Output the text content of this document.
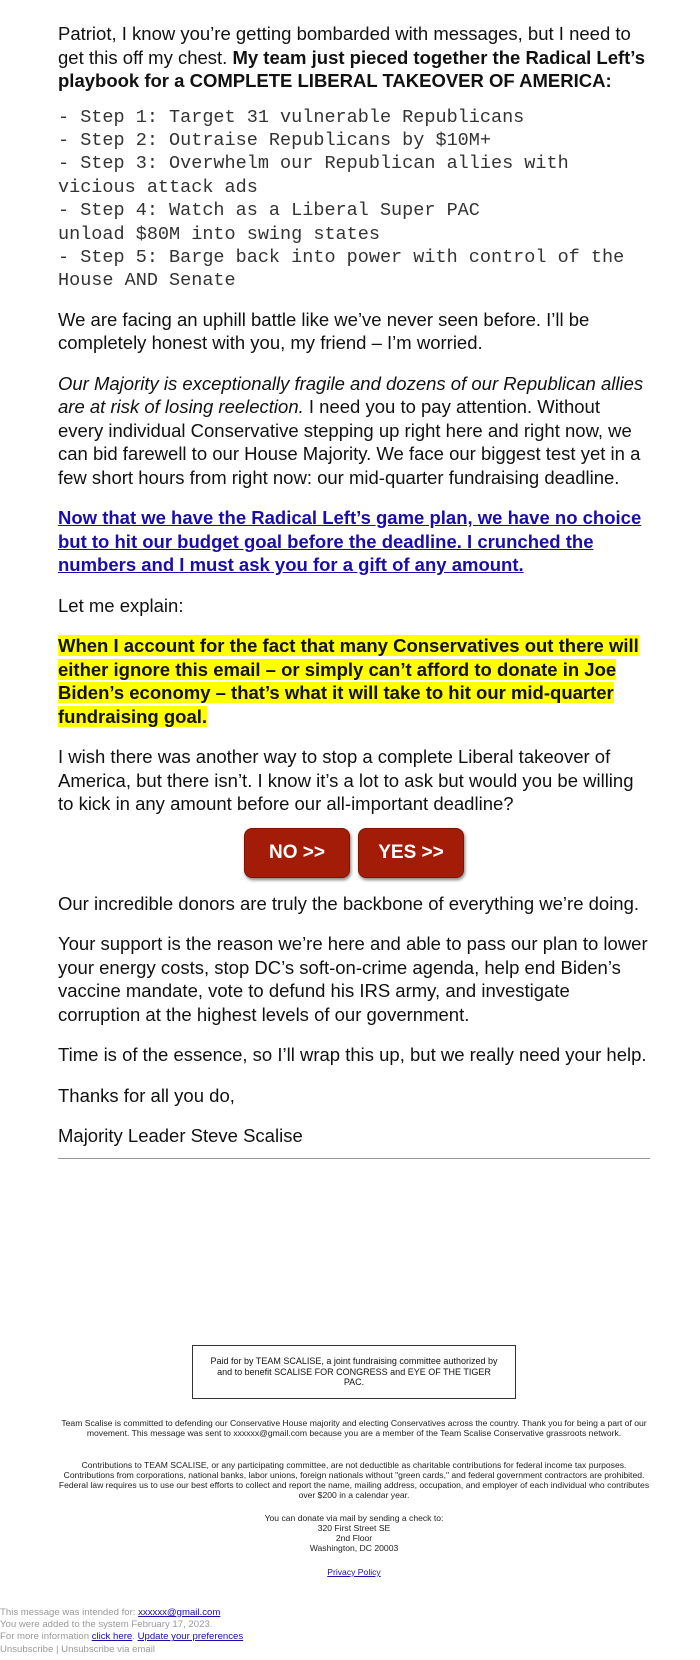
Patriot, I know you’re getting bombarded with messages, but I need to get this off my chest. My team just pieced together the Radical Left’s playbook for a COMPLETE LIBERAL TAKEOVER OF AMERICA:

- Step 1: Target 31 vulnerable Republicans
- Step 2: Outraise Republicans by $10M+
- Step 3: Overwhelm our Republican allies with vicious attack ads
- Step 4: Watch as a Liberal Super PAC
unload $80M into swing states
- Step 5: Barge back into power with control of the House AND Senate

We are facing an uphill battle like we’ve never seen before. I’ll be completely honest with you, my friend – I’m worried.

Our Majority is exceptionally fragile and dozens of our Republican allies are at risk of losing reelection. I need you to pay attention. Without every individual Conservative stepping up right here and right now, we can bid farewell to our House Majority. We face our biggest test yet in a few short hours from right now: our mid-quarter fundraising deadline.

Now that we have the Radical Left’s game plan, we have no choice but to hit our budget goal before the deadline. I crunched the numbers and I must ask you for a gift of any amount.

Let me explain:

When I account for the fact that many Conservatives out there will either ignore this email – or simply can’t afford to donate in Joe Biden’s economy – that’s what it will take to hit our mid-quarter fundraising goal.

I wish there was another way to stop a complete Liberal takeover of America, but there isn’t. I know it’s a lot to ask but would you be willing to kick in any amount before our all-important deadline?

NO >>	YES >>

Our incredible donors are truly the backbone of everything we’re doing.

Your support is the reason we’re here and able to pass our plan to lower your energy costs, stop DC’s soft-on-crime agenda, help end Biden’s vaccine mandate, vote to defund his IRS army, and investigate corruption at the highest levels of our government.

Time is of the essence, so I’ll wrap this up, but we really need your help.

Thanks for all you do,

Majority Leader Steve Scalise

Paid for by TEAM SCALISE, a joint fundraising committee authorized by and to benefit SCALISE FOR CONGRESS and EYE OF THE TIGER PAC.
Team Scalise is committed to defending our Conservative House majority and electing Conservatives across the country. Thank you for being a part of our movement. This message was sent to xxxxxx@gmail.com because you are a member of the Team Scalise Conservative grassroots network.
Contributions to TEAM SCALISE, or any participating committee, are not deductible as charitable contributions for federal income tax purposes. Contributions from corporations, national banks, labor unions, foreign nationals without "green cards," and federal government contractors are prohibited. Federal law requires us to use our best efforts to collect and report the name, mailing address, occupation, and employer of each individual who contributes over $200 in a calendar year.
You can donate via mail by sending a check to:
320 First Street SE
2nd Floor
Washington, DC 20003
Privacy Policy
This message was intended for: xxxxxx@gmail.com
You were added to the system February 17, 2023.
For more information click here. Update your preferences
Unsubscribe | Unsubscribe via email
